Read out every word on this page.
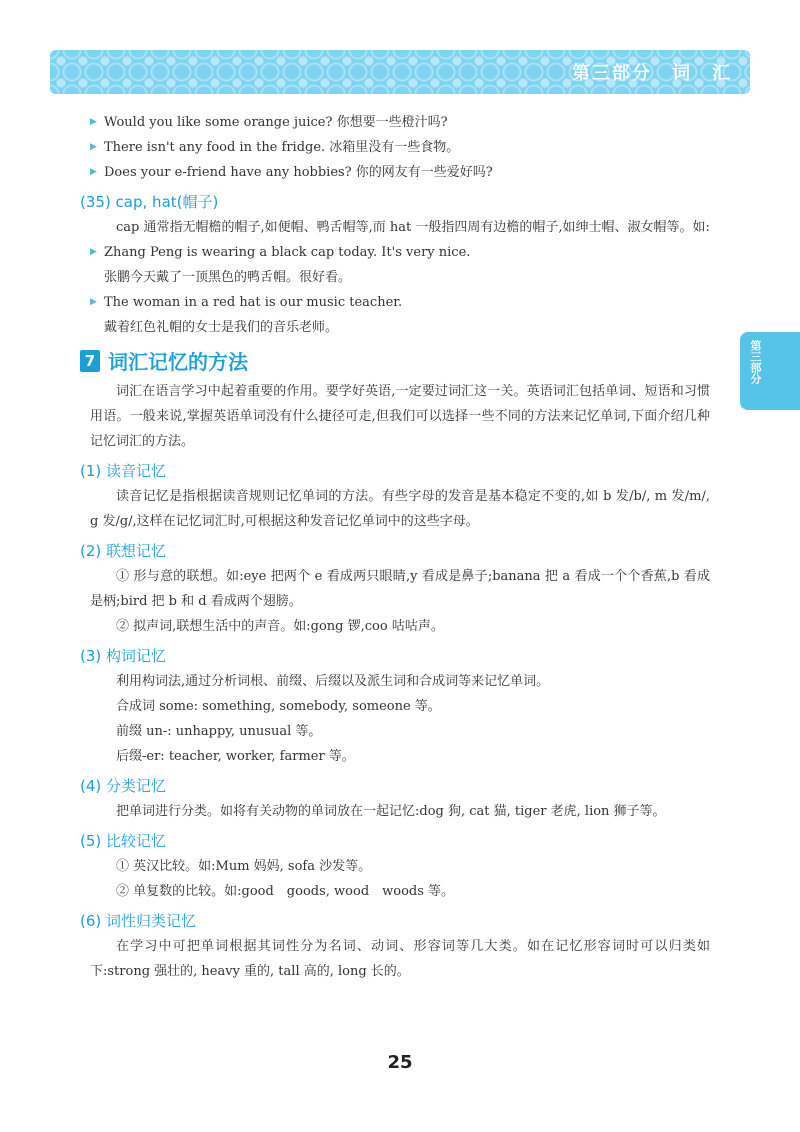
第三部分　词　汇
第三部分
▶ Would you like some orange juice? 你想要一些橙汁吗?
▶ There isn't any food in the fridge. 冰箱里没有一些食物。
▶ Does your e-friend have any hobbies? 你的网友有一些爱好吗?
(35) cap, hat(帽子)
cap 通常指无帽檐的帽子,如便帽、鸭舌帽等,而 hat 一般指四周有边檐的帽子,如绅士帽、淑女帽等。如:
▶ Zhang Peng is wearing a black cap today. It's very nice.
张鹏今天戴了一顶黑色的鸭舌帽。很好看。
▶ The woman in a red hat is our music teacher.
戴着红色礼帽的女士是我们的音乐老师。
7 词汇记忆的方法
词汇在语言学习中起着重要的作用。要学好英语,一定要过词汇这一关。英语词汇包括单词、短语和习惯用语。一般来说,掌握英语单词没有什么捷径可走,但我们可以选择一些不同的方法来记忆单词,下面介绍几种记忆词汇的方法。
(1) 读音记忆
读音记忆是指根据读音规则记忆单词的方法。有些字母的发音是基本稳定不变的,如 b 发/b/, m 发/m/, g 发/g/,这样在记忆词汇时,可根据这种发音记忆单词中的这些字母。
(2) 联想记忆
① 形与意的联想。如:eye 把两个 e 看成两只眼睛,y 看成是鼻子;banana 把 a 看成一个个香蕉,b 看成是柄;bird 把 b 和 d 看成两个翅膀。
② 拟声词,联想生活中的声音。如:gong 锣,coo 咕咕声。
(3) 构词记忆
利用构词法,通过分析词根、前缀、后缀以及派生词和合成词等来记忆单词。
合成词 some: something, somebody, someone 等。
前缀 un-: unhappy, unusual 等。
后缀-er: teacher, worker, farmer 等。
(4) 分类记忆
把单词进行分类。如将有关动物的单词放在一起记忆:dog 狗, cat 猫, tiger 老虎, lion 狮子等。
(5) 比较记忆
① 英汉比较。如:Mum 妈妈, sofa 沙发等。
② 单复数的比较。如:good　goods, wood　woods 等。
(6) 词性归类记忆
在学习中可把单词根据其词性分为名词、动词、形容词等几大类。如在记忆形容词时可以归类如下:strong 强壮的, heavy 重的, tall 高的, long 长的。
25
